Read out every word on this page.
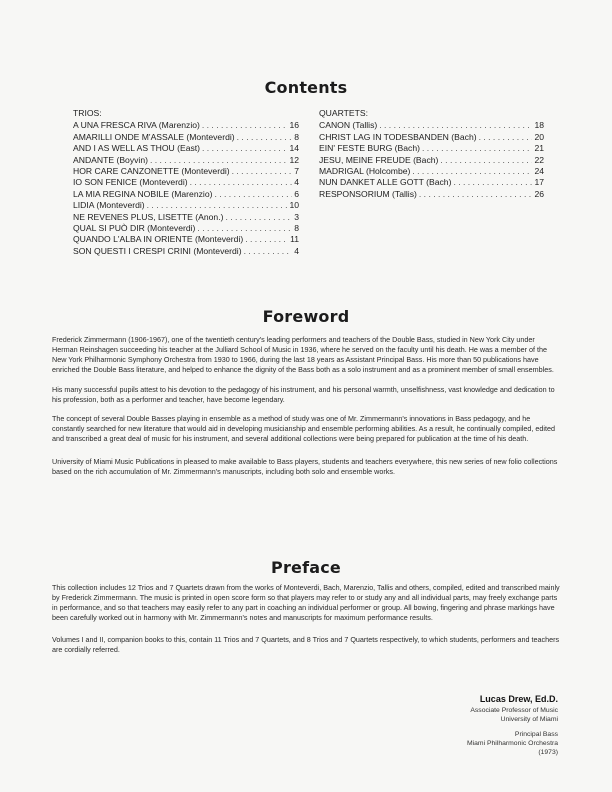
Contents
TRIOS:
A UNA FRESCA RIVA (Marenzio) . . .	16
AMARILLI ONDE M'ASSALE (Monteverdi) . . .	8
AND I AS WELL AS THOU (East) . . .	14
ANDANTE (Boyvin) . . .	12
HOR CARE CANZONETTE (Monteverdi) . . .	7
IO SON FENICE (Monteverdi) . . .	4
LA MIA REGINA NOBILE (Marenzio) . . .	6
LIDIA (Monteverdi) . . .	10
NE REVENES PLUS, LISETTE (Anon.) . . .	3
QUAL SI PUÒ DIR (Monteverdi) . . .	8
QUANDO L'ALBA IN ORIENTE (Monteverdi) . . .	11
SON QUESTI I CRESPI CRINI (Monteverdi) . . .	4
QUARTETS:
CANON (Tallis) . . .	18
CHRIST LAG IN TODESBANDEN (Bach) . . .	20
EIN' FESTE BURG (Bach) . . .	21
JESU, MEINE FREUDE (Bach) . . .	22
MADRIGAL (Holcombe) . . .	24
NUN DANKET ALLE GOTT (Bach) . . .	17
RESPONSORIUM (Tallis) . . .	26
Foreword

Frederick Zimmermann (1906-1967), one of the twentieth century's leading performers and teachers of the Double Bass, studied in New York City under Herman Reinshagen succeeding his teacher at the Julliard School of Music in 1936, where he served on the faculty until his death. He was a member of the New York Philharmonic Symphony Orchestra from 1930 to 1966, during the last 18 years as Assistant Principal Bass. His more than 50 publications have enriched the Double Bass literature, and helped to enhance the dignity of the Bass both as a solo instrument and as a prominent member of small ensembles.

His many successful pupils attest to his devotion to the pedagogy of his instrument, and his personal warmth, unselfishness, vast knowledge and dedication to his profession, both as a performer and teacher, have become legendary.

The concept of several Double Basses playing in ensemble as a method of study was one of Mr. Zimmermann's innovations in Bass pedagogy, and he constantly searched for new literature that would aid in developing musicianship and ensemble performing abilities. As a result, he continually compiled, edited and transcribed a great deal of music for his instrument, and several additional collections were being prepared for publication at the time of his death.

University of Miami Music Publications in pleased to make available to Bass players, students and teachers everywhere, this new series of new folio collections based on the rich accumulation of Mr. Zimmermann's manuscripts, including both solo and ensemble works.

Preface

This collection includes 12 Trios and 7 Quartets drawn from the works of Monteverdi, Bach, Marenzio, Tallis and others, compiled, edited and transcribed mainly by Frederick Zimmermann. The music is printed in open score form so that players may refer to or study any and all individual parts, may freely exchange parts in performance, and so that teachers may easily refer to any part in coaching an individual performer or group. All bowing, fingering and phrase markings have been carefully worked out in harmony with Mr. Zimmermann's notes and manuscripts for maximum performance results.

Volumes I and II, companion books to this, contain 11 Trios and 7 Quartets, and 8 Trios and 7 Quartets respectively, to which students, performers and teachers are cordially referred.

Lucas Drew, Ed.D.
Associate Professor of Music
University of Miami
Principal Bass
Miami Philharmonic Orchestra
(1973)
